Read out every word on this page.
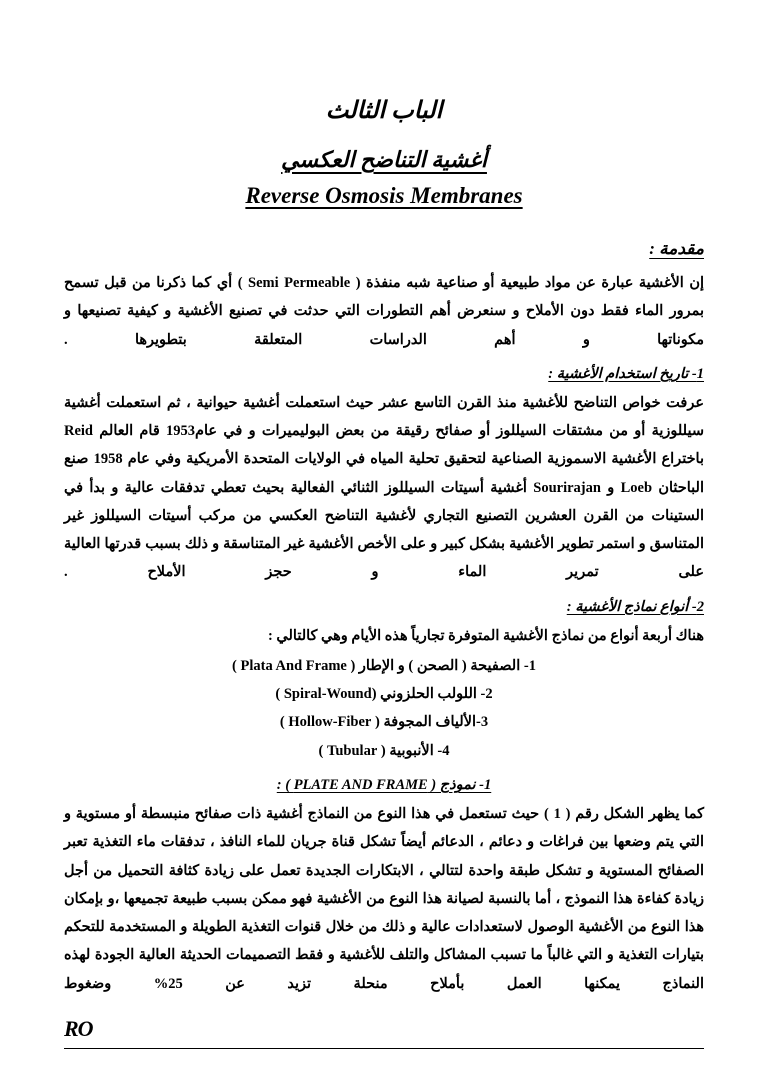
الباب الثالث
أغشية التناضح العكسي
Reverse Osmosis Membranes
مقدمة :

إن الأغشية عبارة عن مواد طبيعية أو صناعية شبه منفذة ( Semi Permeable ) أي كما ذكرنا من قبل تسمح بمرور الماء فقط دون الأملاح و سنعرض أهم التطورات التي حدثت في تصنيع الأغشية و كيفية تصنيعها و مكوناتها و أهم الدراسات المتعلقة بتطويرها .

1- تاريخ استخدام الأغشية :

عرفت خواص التناضح للأغشية منذ القرن التاسع عشر حيث استعملت أغشية حيوانية ، ثم استعملت أغشية سيللوزية أو من مشتقات السيللوز أو صفائح رقيقة من بعض البوليميرات و في عام1953 قام العالم Reid باختراع الأغشية الاسموزية الصناعية لتحقيق تحلية المياه في الولايات المتحدة الأمريكية وفي عام 1958 صنع الباحثان Loeb و Sourirajan أغشية أسيتات السيللوز الثنائي الفعالية بحيث تعطي تدفقات عالية و بدأ في الستينات من القرن العشرين التصنيع التجاري لأغشية التناضح العكسي من مركب أسيتات السيللوز غير المتناسق و استمر تطوير الأغشية بشكل كبير و على الأخص الأغشية غير المتناسقة و ذلك بسبب قدرتها العالية على تمرير الماء و حجز الأملاح .

2- أنواع نماذج الأغشية :
هناك أربعة أنواع من نماذج الأغشية المتوفرة تجارياً هذه الأيام وهي كالتالي :
1- الصفيحة ( الصحن ) و الإطار ( Plata And Frame )
2- اللولب الحلزوني (Spiral-Wound )
3-الألياف المجوفة ( Hollow-Fiber )
4- الأنبوبية ( Tubular )
1- نموذج ( PLATE AND FRAME ) :

كما يظهر الشكل رقم ( 1 ) حيث تستعمل في هذا النوع من النماذج أغشية ذات صفائح منبسطة أو مستوية و التي يتم وضعها بين فراغات و دعائم ، الدعائم أيضاً تشكل قناة جريان للماء النافذ ، تدفقات ماء التغذية تعبر الصفائح المستوية و تشكل طبقة واحدة لتتالي ، الابتكارات الجديدة تعمل على زيادة كثافة التحميل من أجل زيادة كفاءة هذا النموذج ، أما بالنسبة لصيانة هذا النوع من الأغشية فهو ممكن بسبب طبيعة تجميعها ،و بإمكان هذا النوع من الأغشية الوصول لاستعدادات عالية و ذلك من خلال قنوات التغذية الطويلة و المستخدمة للتحكم بتيارات التغذية و التي غالباً ما تسبب المشاكل والتلف للأغشية و فقط التصميمات الحديثة العالية الجودة لهذه النماذج يمكنها العمل بأملاح منحلة تزيد عن 25% وضغوط

RO
